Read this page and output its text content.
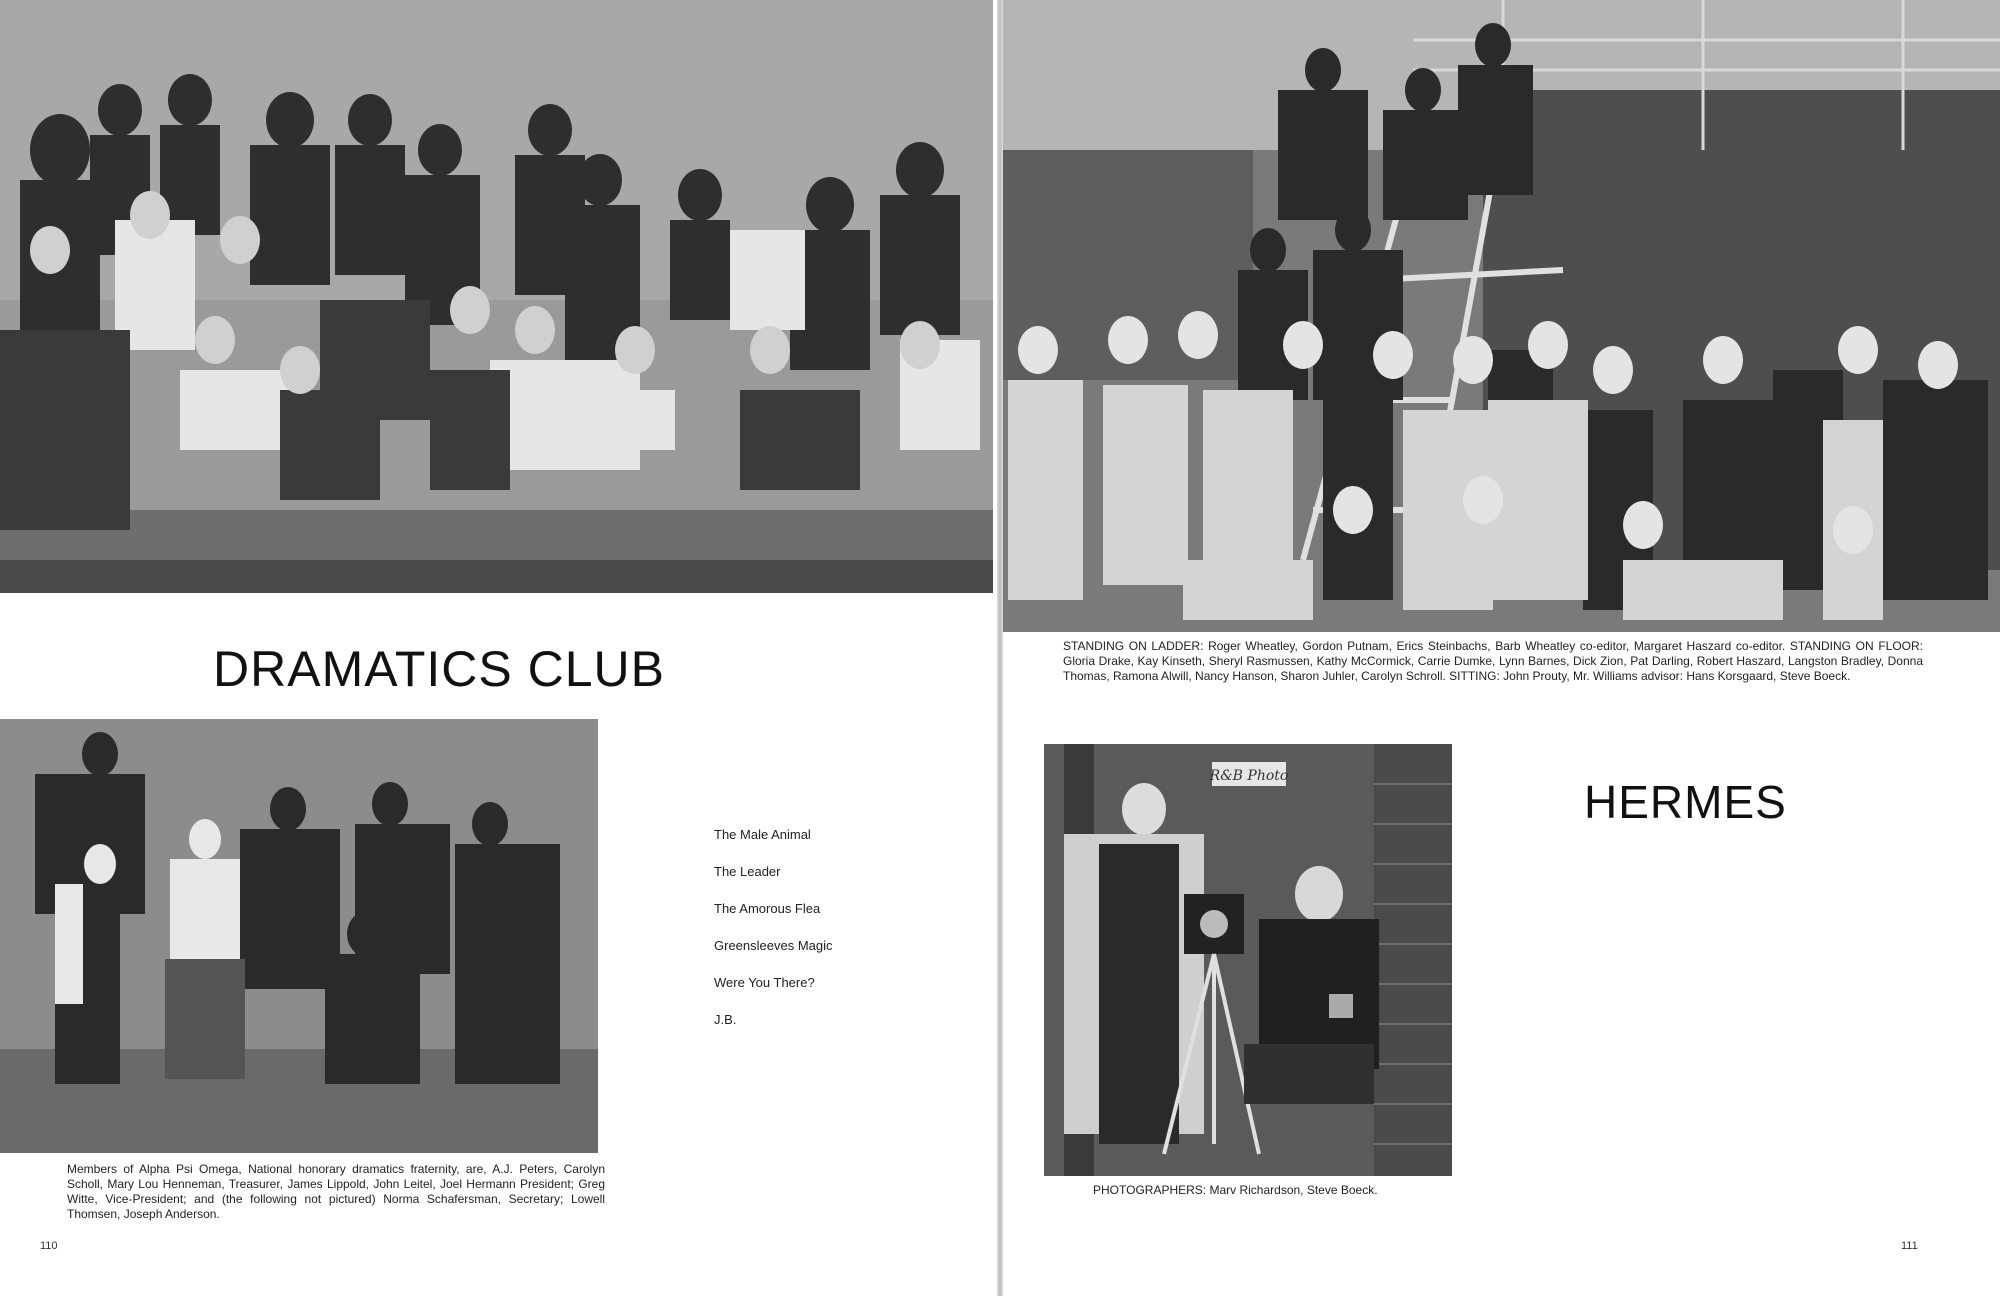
DRAMATICS CLUB
The Male Animal
The Leader
The Amorous Flea
Greensleeves Magic
Were You There?
J.B.

Members of Alpha Psi Omega, National honorary dramatics fraternity, are, A.J. Peters, Carolyn Scholl, Mary Lou Henneman, Treasurer, James Lippold, John Leitel, Joel Hermann President; Greg Witte, Vice-President; and (the following not pictured) Norma Schafersman, Secretary; Lowell Thomsen, Joseph Anderson.

110

STANDING ON LADDER: Roger Wheatley, Gordon Putnam, Erics Steinbachs, Barb Wheatley co-editor, Margaret Haszard co-editor. STANDING ON FLOOR: Gloria Drake, Kay Kinseth, Sheryl Rasmussen, Kathy McCormick, Carrie Dumke, Lynn Barnes, Dick Zion, Pat Darling, Robert Haszard, Langston Bradley, Donna Thomas, Ramona Alwill, Nancy Hanson, Sharon Juhler, Carolyn Schroll. SITTING: John Prouty, Mr. Williams advisor: Hans Korsgaard, Steve Boeck.

R&B Photo	HERMES

PHOTOGRAPHERS: Marv Richardson, Steve Boeck.

111
